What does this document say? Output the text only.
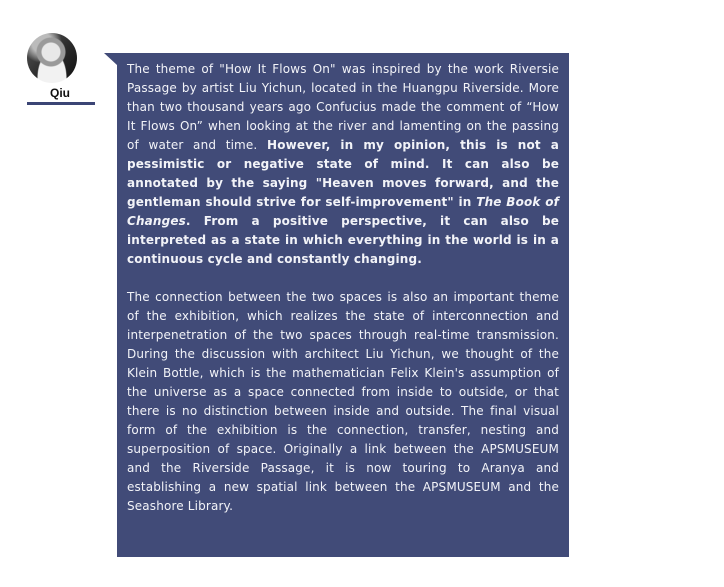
Qiu

The theme of "How It Flows On" was inspired by the work Riversie Passage by artist Liu Yichun, located in the Huangpu Riverside. More than two thousand years ago Confucius made the comment of “How It Flows On” when looking at the river and lamenting on the passing of water and time. However, in my opinion, this is not a pessimistic or negative state of mind. It can also be annotated by the saying "Heaven moves forward, and the gentleman should strive for self-improvement" in The Book of Changes. From a positive perspective, it can also be interpreted as a state in which everything in the world is in a continuous cycle and constantly changing.

The connection between the two spaces is also an important theme of the exhibition, which realizes the state of interconnection and interpenetration of the two spaces through real-time transmission. During the discussion with architect Liu Yichun, we thought of the Klein Bottle, which is the mathematician Felix Klein's assumption of the universe as a space connected from inside to outside, or that there is no distinction between inside and outside. The final visual form of the exhibition is the connection, transfer, nesting and superposition of space. Originally a link between the APSMUSEUM and the Riverside Passage, it is now touring to Aranya and establishing a new spatial link between the APSMUSEUM and the Seashore Library.
